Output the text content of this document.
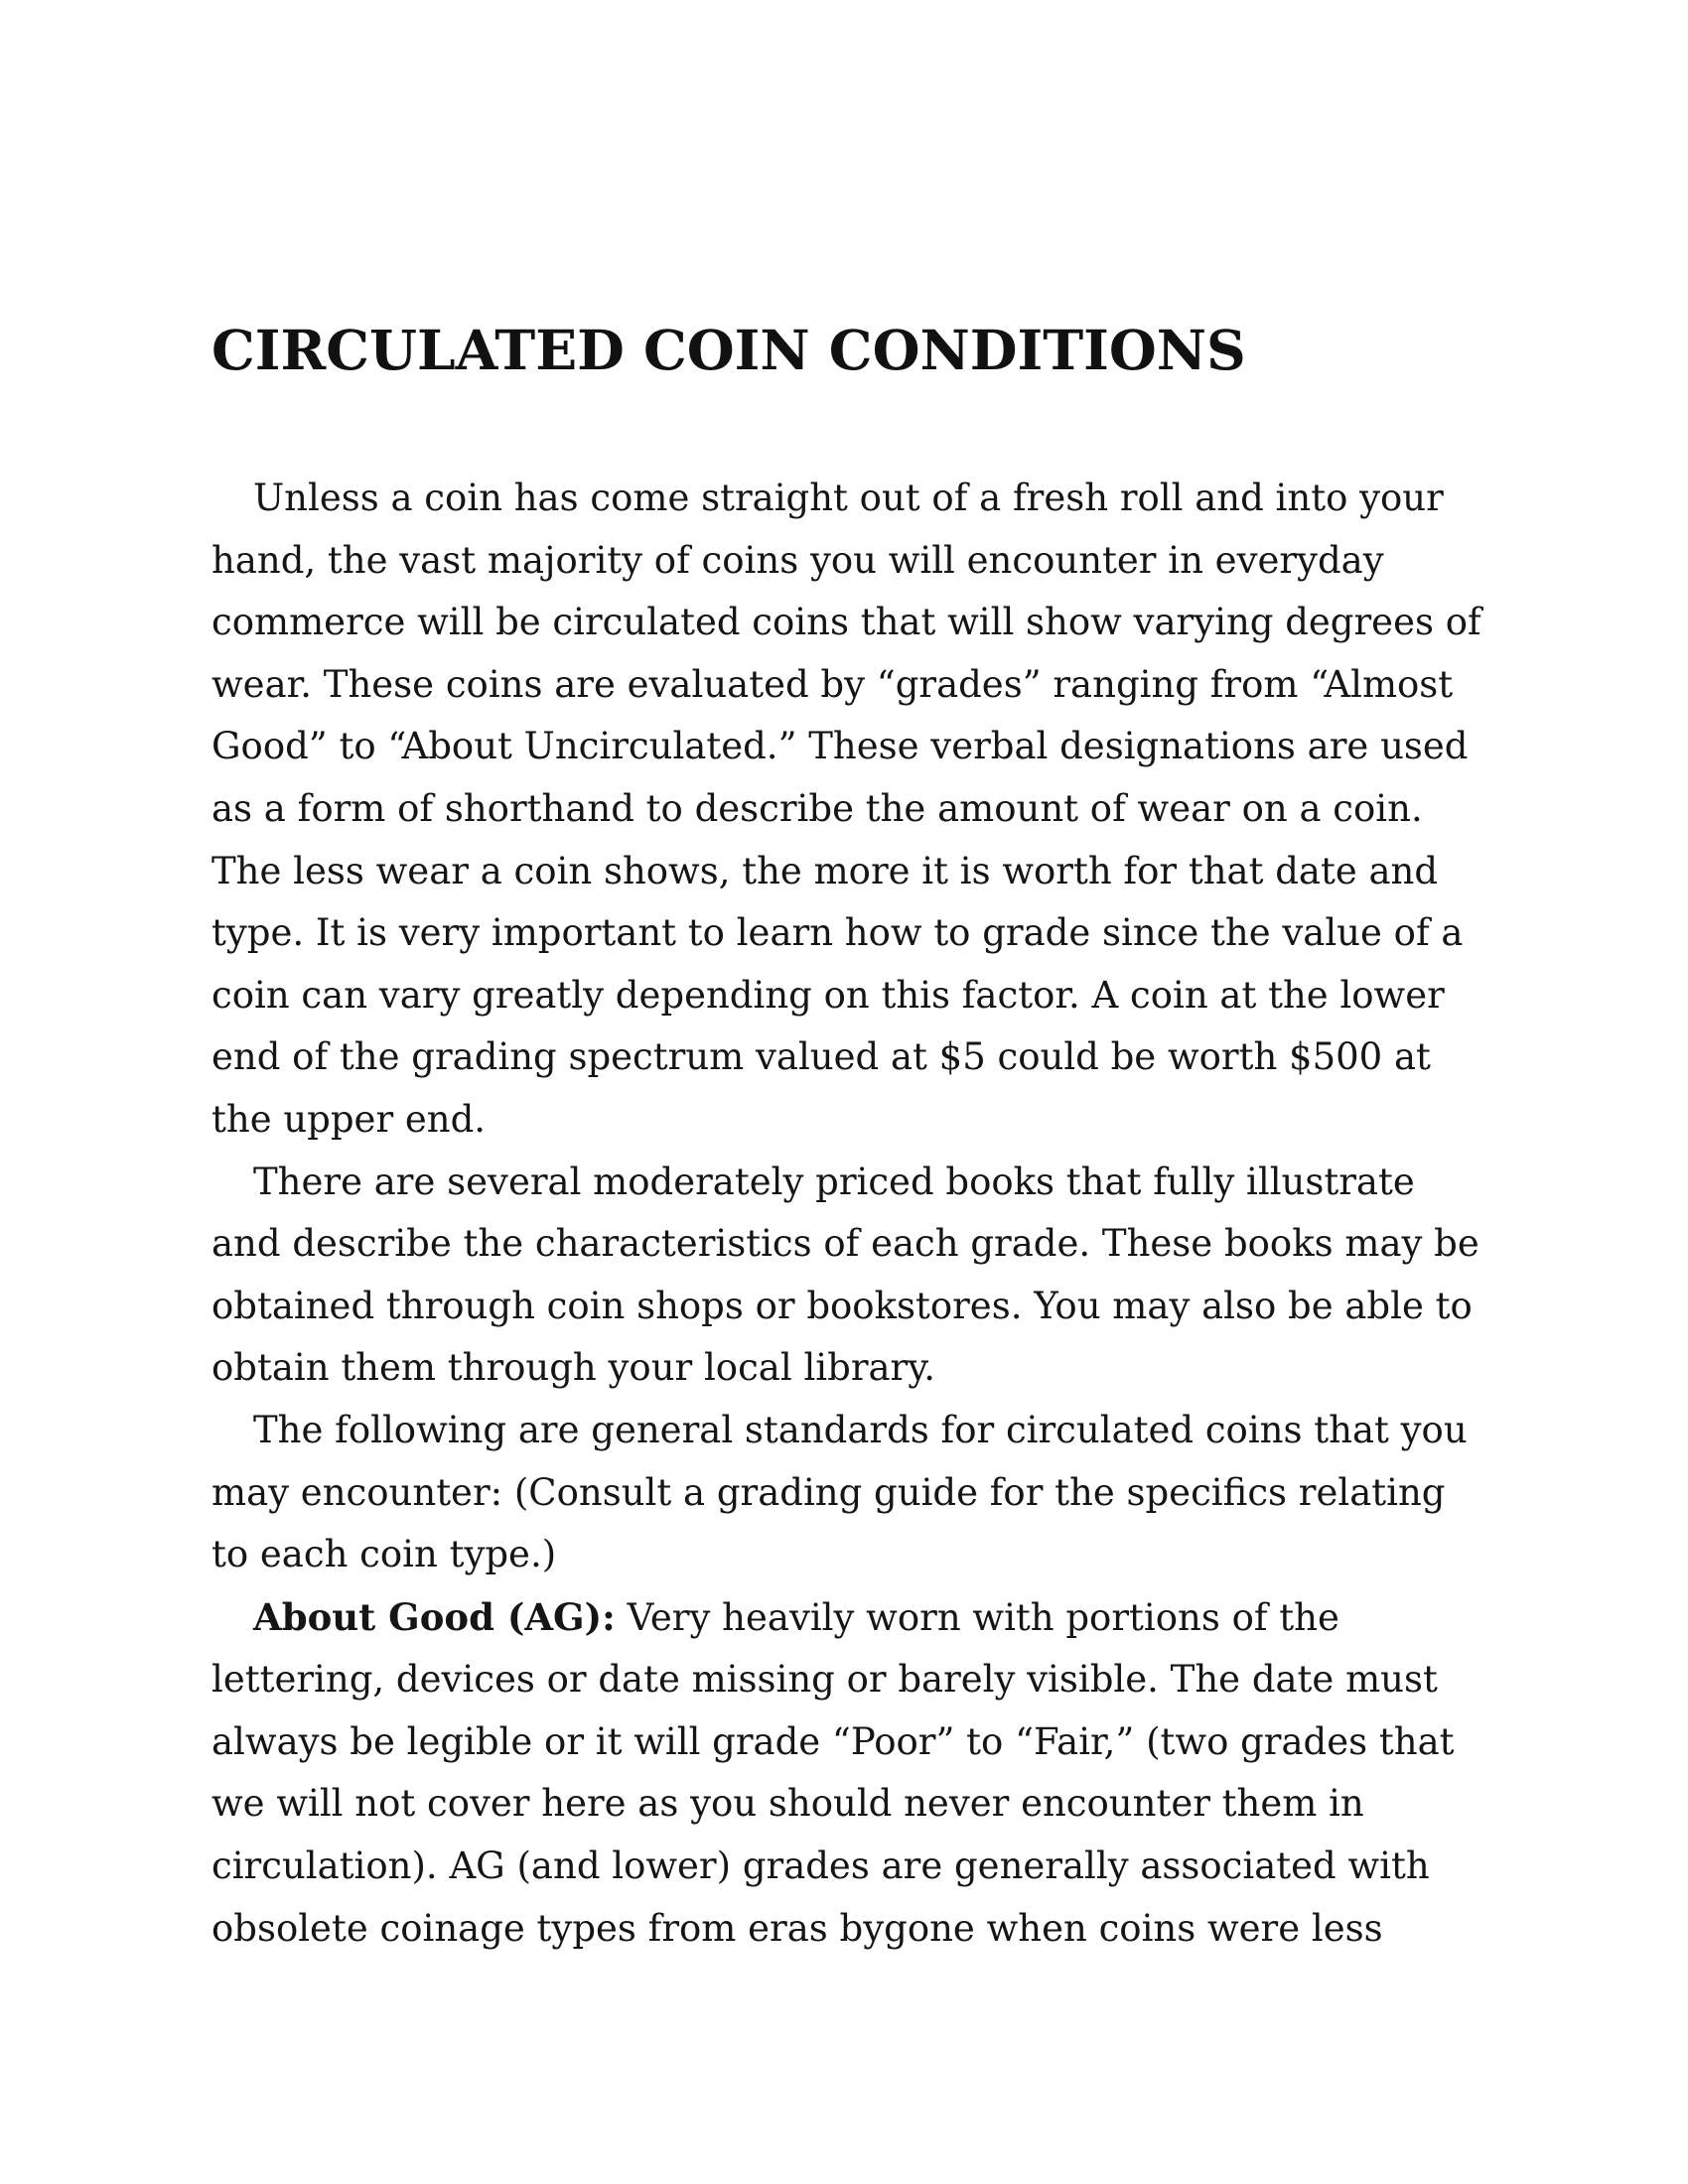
CIRCULATED COIN CONDITIONS

Unless a coin has come straight out of a fresh roll and into your hand, the vast majority of coins you will encounter in everyday commerce will be circulated coins that will show varying degrees of wear. These coins are evaluated by “grades” ranging from “Almost Good” to “About Uncirculated.” These verbal designations are used as a form of shorthand to describe the amount of wear on a coin. The less wear a coin shows, the more it is worth for that date and type. It is very important to learn how to grade since the value of a coin can vary greatly depending on this factor. A coin at the lower end of the grading spectrum valued at $5 could be worth $500 at the upper end.

There are several moderately priced books that fully illustrate and describe the characteristics of each grade. These books may be obtained through coin shops or bookstores. You may also be able to obtain them through your local library.

The following are general standards for circulated coins that you may encounter: (Consult a grading guide for the specifics relating to each coin type.)

About Good (AG): Very heavily worn with portions of the lettering, devices or date missing or barely visible. The date must always be legible or it will grade “Poor” to “Fair,” (two grades that we will not cover here as you should never encounter them in circulation). AG (and lower) grades are generally associated with obsolete coinage types from eras bygone when coins were less
